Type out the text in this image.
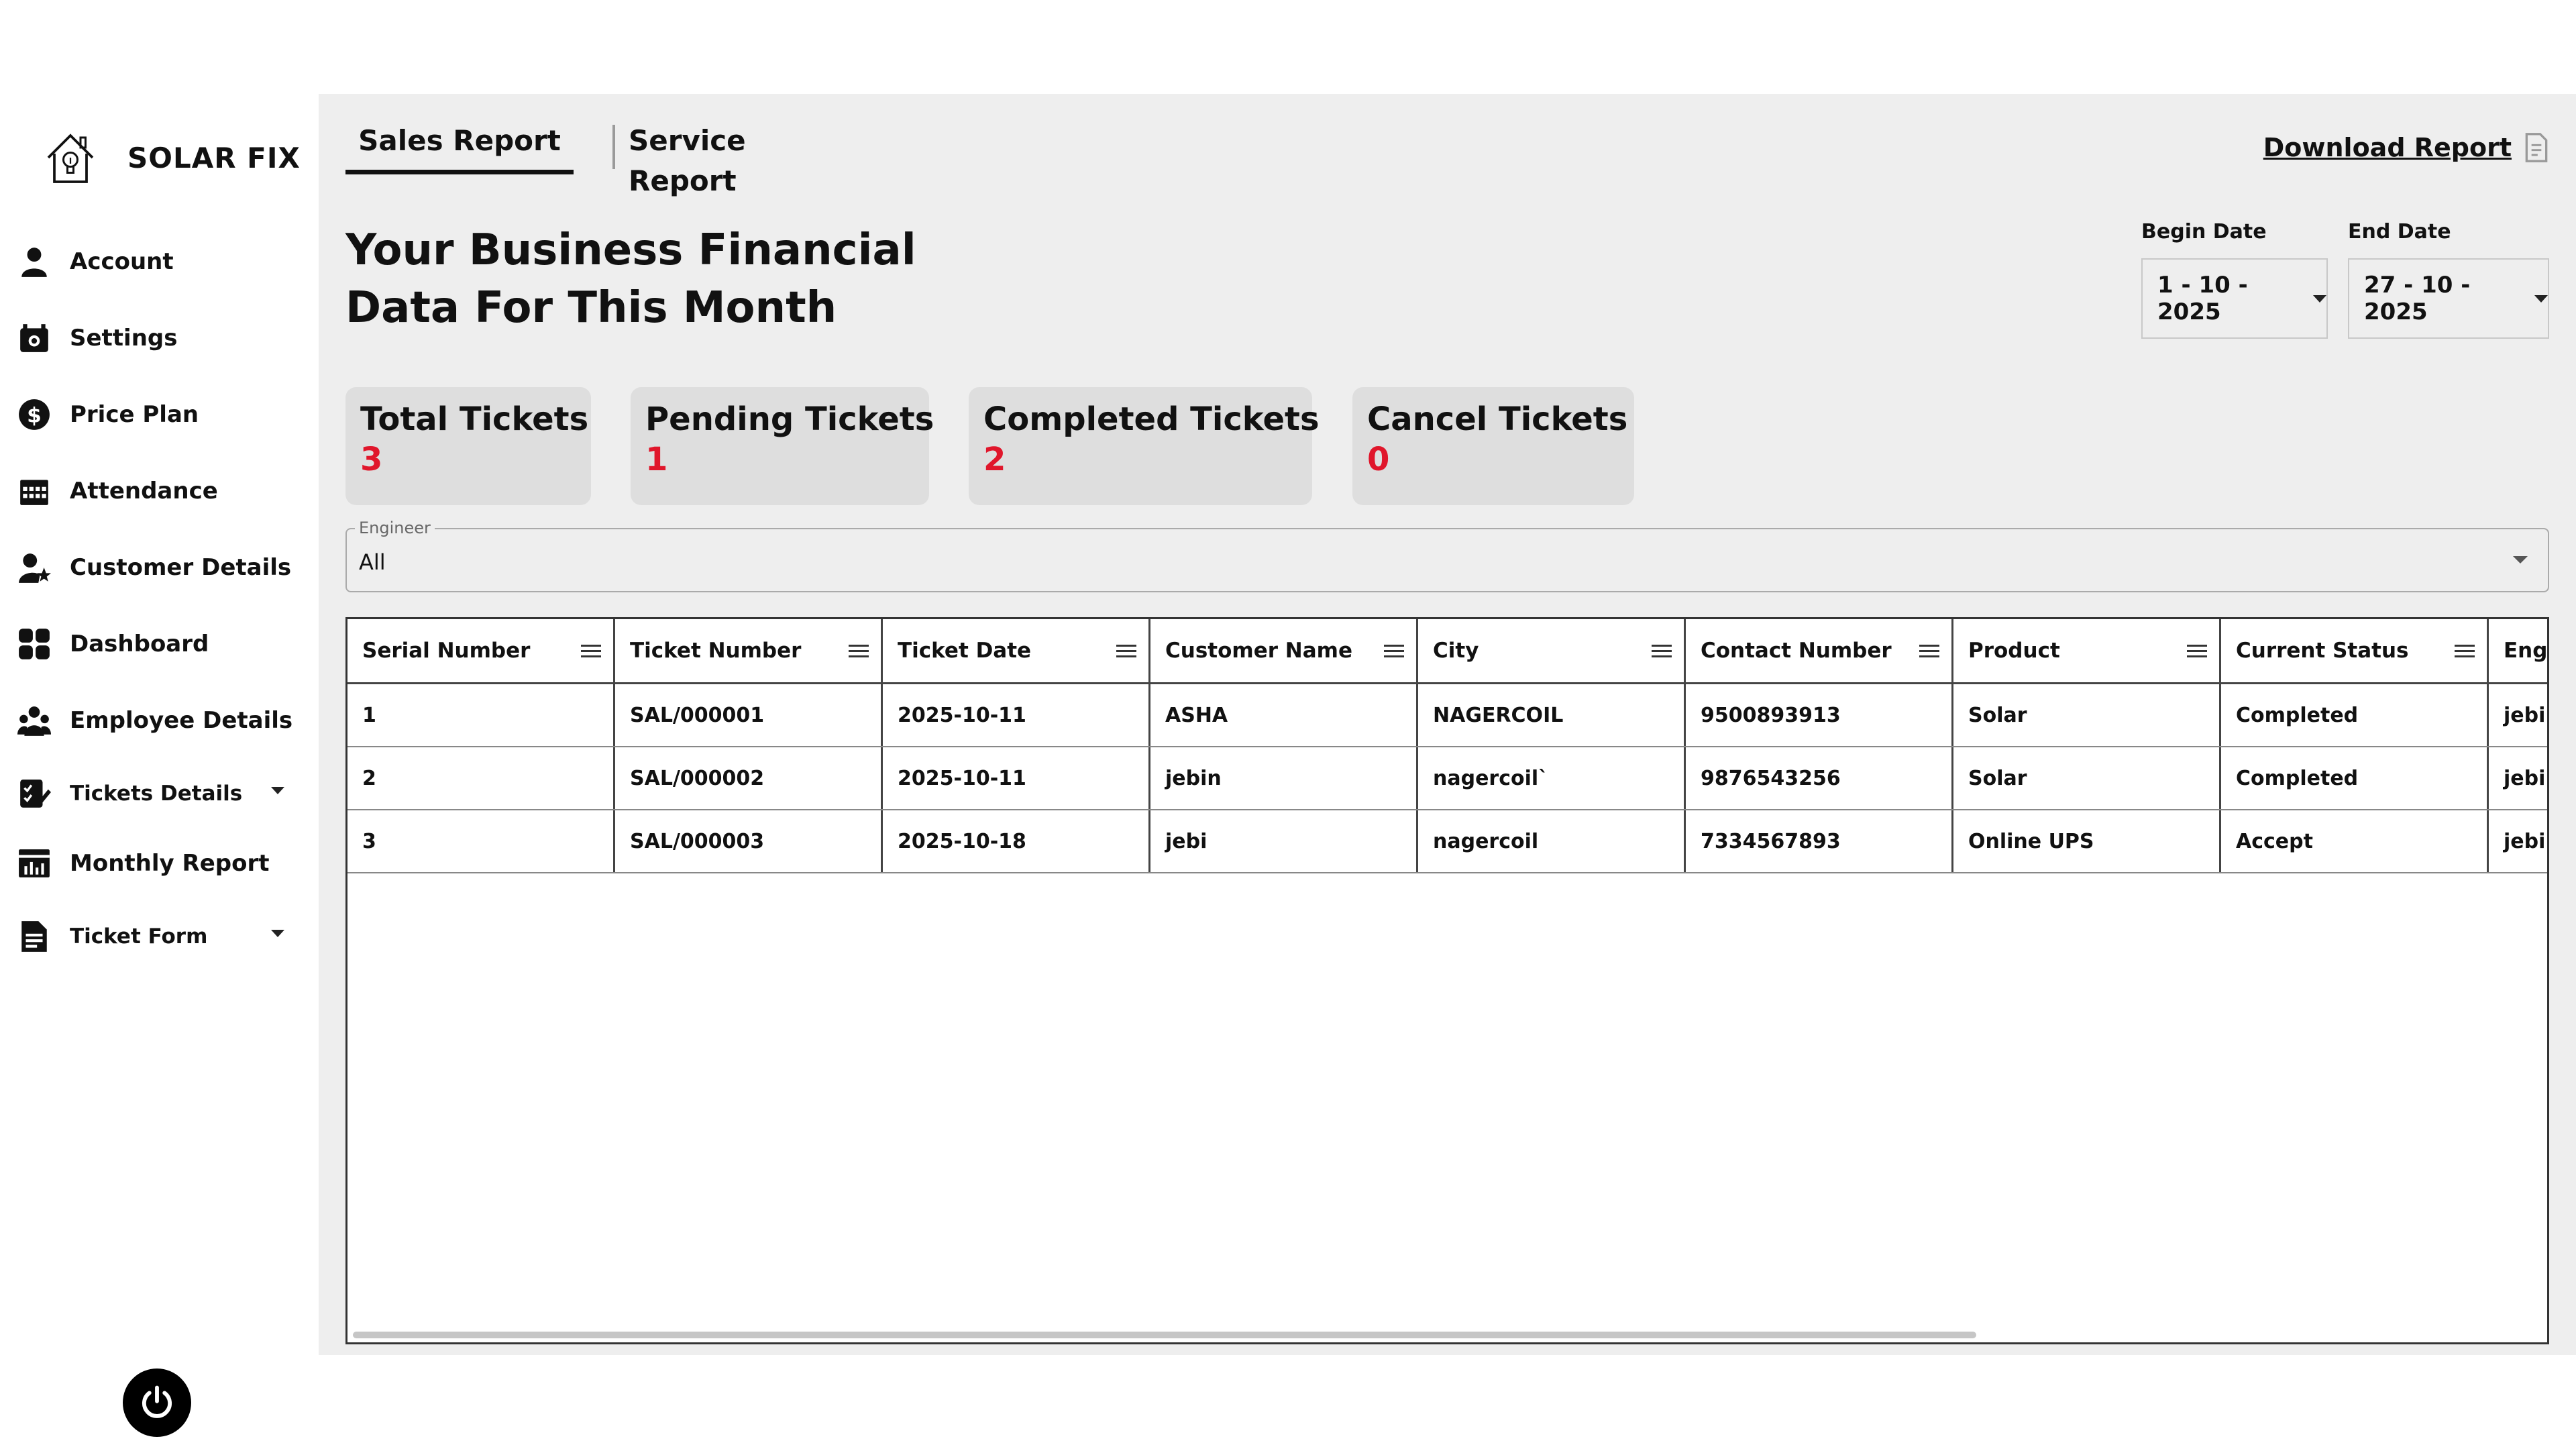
SOLAR FIX
Account
Settings
$ Price Plan
Attendance
Customer Details
Dashboard
Employee Details
Tickets Details
Monthly Report
Ticket Form
Sales Report	Service Report
Download Report
Your Business Financial
Data For This Month
Begin Date
1 - 10 - 2025
End Date
27 - 10 - 2025
Total Tickets
3
Pending Tickets
1
Completed Tickets
2
Cancel Tickets
0
Engineer
All
Serial Number	Ticket Number	Ticket Date	Customer Name	City	Contact Number	Product	Current Status	Eng
1	SAL/000001	2025-10-11	ASHA	NAGERCOIL	9500893913	Solar	Completed	jebi
2	SAL/000002	2025-10-11	jebin	nagercoil`	9876543256	Solar	Completed	jebi
3	SAL/000003	2025-10-18	jebi	nagercoil	7334567893	Online UPS	Accept	jebi
